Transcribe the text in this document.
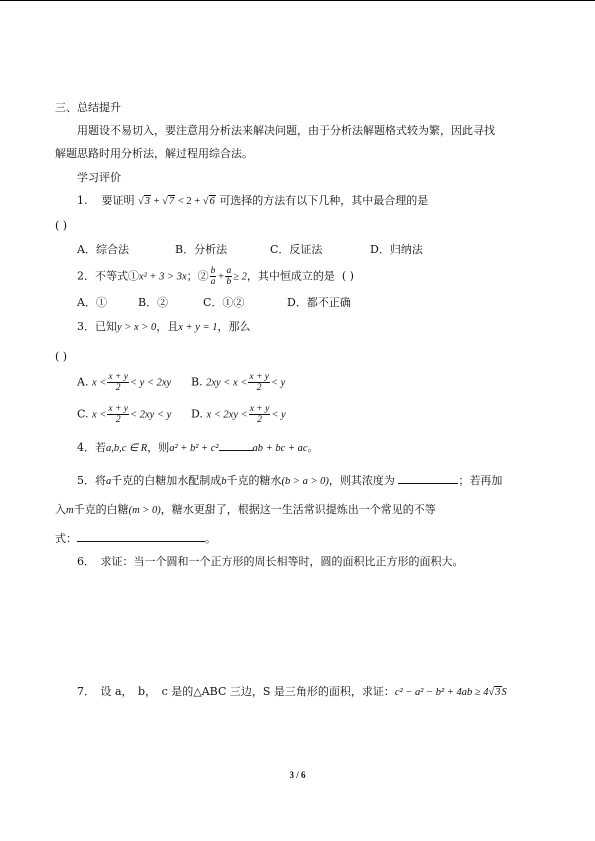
三、总结提升
用题设不易切入，要注意用分析法来解决问题，由于分析法解题格式较为繁，因此寻找
解题思路时用分析法，解过程用综合法。
学习评价
1. 要证明 √3 + √7 < 2 + √6 可选择的方法有以下几种，其中最合理的是
( )
A．综合法	B．分析法	C．反证法	D．归纳法
2．不等式①x² + 3 > 3x；② $\frac{b}{a} + \frac{a}{b} \ge 2$，其中恒成立的是 ( )
A．①	B．②	C．①②	D．都不正确
3．已知y > x > 0，且x + y = 1，那么
( )
A. $x < \frac{x + y}{2} < y < 2xy$ B. $2xy < x < \frac{x + y}{2} < y$
C. $x < \frac{x + y}{2} < 2xy < y$ D. $x < 2xy < \frac{x + y}{2} < y$
4．若a,b,c ∈ R，则a² + b² + c²	ab + bc + ac。
5．将a千克的白糖加水配制成b千克的糖水(b > a > 0)，则其浓度为	；若再加
入m千克的白糖(m > 0)，糖水更甜了，根据这一生活常识提炼出一个常见的不等
式：	。
6．　求证：当一个圆和一个正方形的周长相等时，圆的面积比正方形的面积大。
7．　设 a，　b，　c 是的△ABC 三边，S 是三角形的面积，求证：c² − a² − b² + 4ab ≥ 4√3S
3 / 6
